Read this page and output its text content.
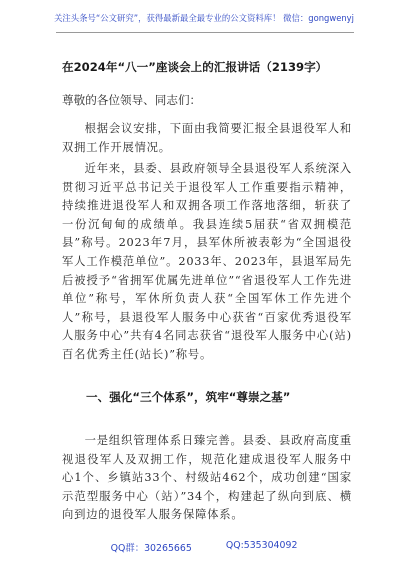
关注头条号“公文研究”，获得最新最全最专业的公文资料库！ 微信：gongwenyj
在2024年“八一”座谈会上的汇报讲话（2139字）
尊敬的各位领导、同志们：
根据会议安排，下面由我简要汇报全县退役军人和双拥工作开展情况。
近年来，县委、县政府领导全县退役军人系统深入贯彻习近平总书记关于退役军人工作重要指示精神，持续推进退役军人和双拥各项工作落地落细，斩获了一份沉甸甸的成绩单。我县连续5届获“省双拥模范县”称号。2023年7月，县军休所被表彰为“全国退役军人工作模范单位”。2033年、2023年，县退军局先后被授予“省拥军优属先进单位”“省退役军人工作先进单位”称号，军休所负责人获“全国军休工作先进个人”称号，县退役军人服务中心获省“百家优秀退役军人服务中心”共有4名同志获省“退役军人服务中心(站)百名优秀主任(站长)”称号。
一、强化“三个体系”，筑牢“尊崇之基”
一是组织管理体系日臻完善。县委、县政府高度重视退役军人及双拥工作，规范化建成退役军人服务中心1个、乡镇站33个、村级站462个，成功创建“国家示范型服务中心（站）”34个，构建起了纵向到底、横向到边的退役军人服务保障体系。
QQ群：30265665	QQ:535304092
